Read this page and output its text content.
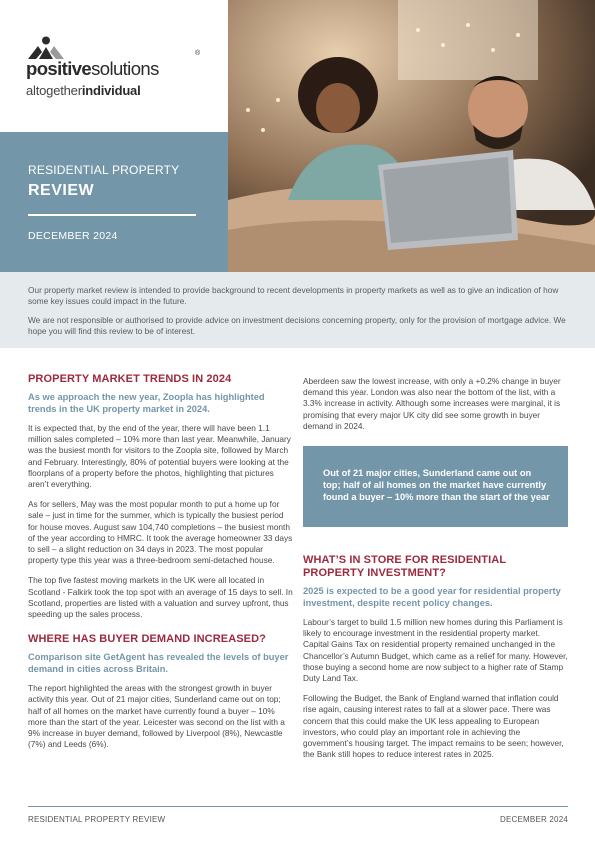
®
positivesolutions
altogetherindividual
RESIDENTIAL PROPERTY
REVIEW
DECEMBER 2024

Our property market review is intended to provide background to recent developments in property markets as well as to give an indication of how some key issues could impact in the future.

We are not responsible or authorised to provide advice on investment decisions concerning property, only for the provision of mortgage advice. We hope you will find this review to be of interest.

PROPERTY MARKET TRENDS IN 2024
As we approach the new year, Zoopla has highlighted trends in the UK property market in 2024.

It is expected that, by the end of the year, there will have been 1.1 million sales completed – 10% more than last year. Meanwhile, January was the busiest month for visitors to the Zoopla site, followed by March and February. Interestingly, 80% of potential buyers were looking at the floorplans of a property before the photos, highlighting that pictures aren’t everything.

As for sellers, May was the most popular month to put a home up for sale – just in time for the summer, which is typically the busiest period for house moves. August saw 104,740 completions – the busiest month of the year according to HMRC. It took the average homeowner 33 days to sell – a slight reduction on 34 days in 2023. The most popular property type this year was a three-bedroom semi-detached house.

The top five fastest moving markets in the UK were all located in Scotland - Falkirk took the top spot with an average of 15 days to sell. In Scotland, properties are listed with a valuation and survey upfront, thus speeding up the sales process.

WHERE HAS BUYER DEMAND INCREASED?
Comparison site GetAgent has revealed the levels of buyer demand in cities across Britain.

The report highlighted the areas with the strongest growth in buyer activity this year. Out of 21 major cities, Sunderland came out on top; half of all homes on the market have currently found a buyer – 10% more than the start of the year. Leicester was second on the list with a 9% increase in buyer demand, followed by Liverpool (8%), Newcastle (7%) and Leeds (6%).

Aberdeen saw the lowest increase, with only a +0.2% change in buyer demand this year. London was also near the bottom of the list, with a 3.3% increase in activity. Although some increases were marginal, it is promising that every major UK city did see some growth in buyer demand in 2024.

Out of 21 major cities, Sunderland came out on top; half of all homes on the market have currently found a buyer – 10% more than the start of the year

WHAT’S IN STORE FOR RESIDENTIAL PROPERTY INVESTMENT?
2025 is expected to be a good year for residential property investment, despite recent policy changes.

Labour’s target to build 1.5 million new homes during this Parliament is likely to encourage investment in the residential property market. Capital Gains Tax on residential property remained unchanged in the Chancellor’s Autumn Budget, which came as a relief for many. However, those buying a second home are now subject to a higher rate of Stamp Duty Land Tax.

Following the Budget, the Bank of England warned that inflation could rise again, causing interest rates to fall at a slower pace. There was concern that this could make the UK less appealing to European investors, who could play an important role in achieving the government’s housing target. The impact remains to be seen; however, the Bank still hopes to reduce interest rates in 2025.

RESIDENTIAL PROPERTY REVIEW	DECEMBER 2024
